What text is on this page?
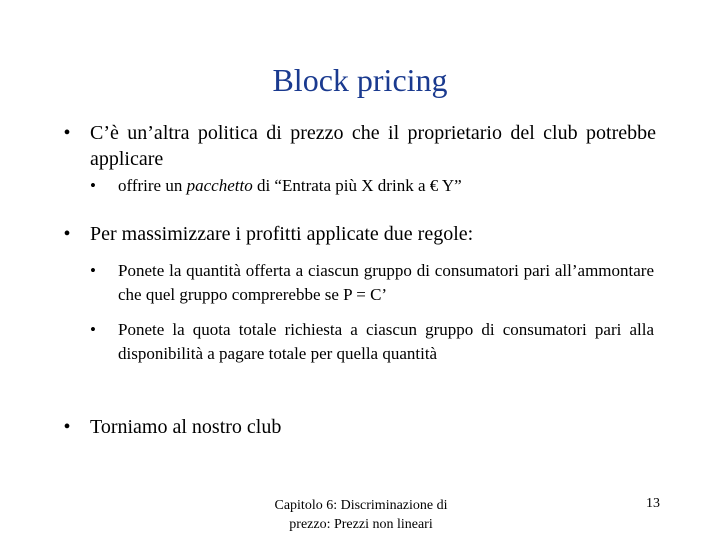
Block pricing
• C’è un’altra politica di prezzo che il proprietario del club potrebbe applicare
• offrire un pacchetto di “Entrata più X drink a € Y”
• Per massimizzare i profitti applicate due regole:
• Ponete la quantità offerta a ciascun gruppo di consumatori pari all’ammontare che quel gruppo comprerebbe se P = C’
• Ponete la quota totale richiesta a ciascun gruppo di consumatori pari alla disponibilità a pagare totale per quella quantità
• Torniamo al nostro club
Capitolo 6: Discriminazione di
prezzo: Prezzi non lineari
13
